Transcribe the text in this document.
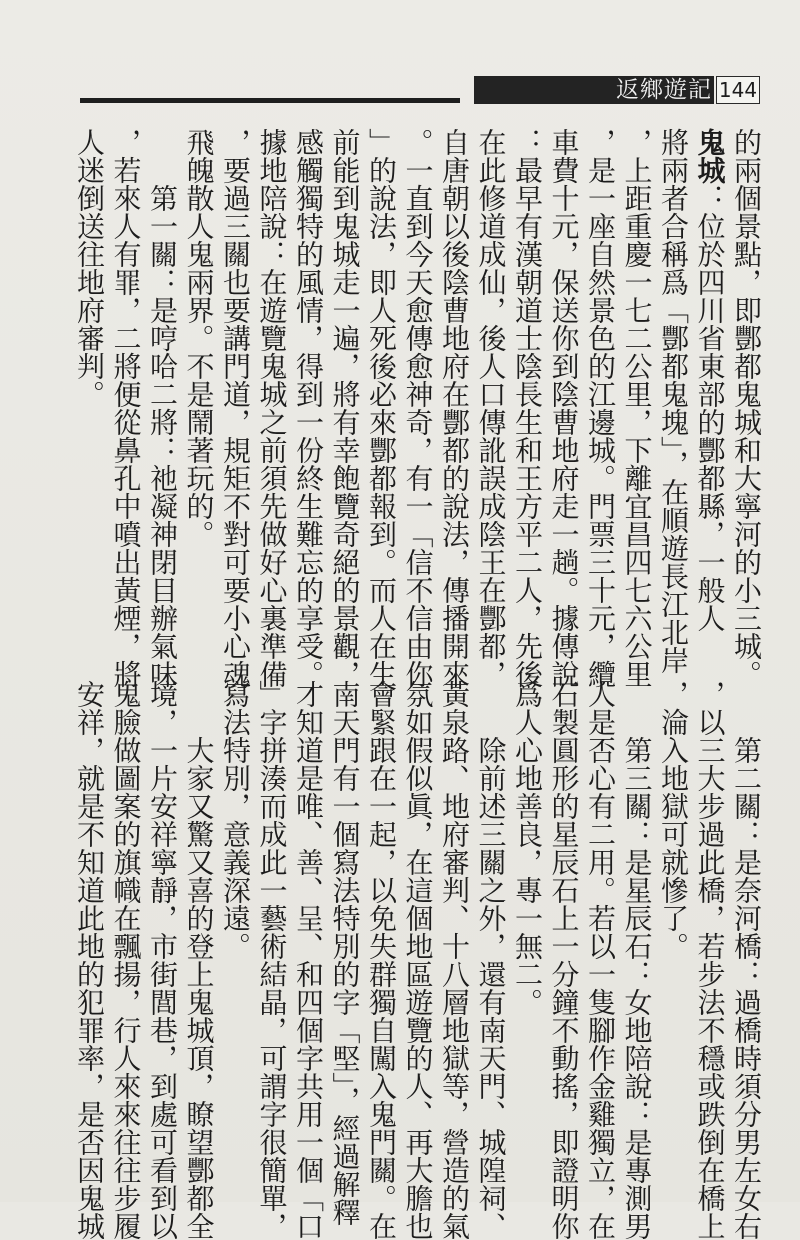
返鄉遊記 144
的兩個景點，即酆都鬼城和大寧河的小三城。
鬼城：位於四川省東部的酆都縣，一般人
將兩者合稱爲「酆都鬼塊」，在順遊長江北岸
，上距重慶一七二公里，下離宜昌四七六公里
，是一座自然景色的江邊城。門票三十元，纜
車費十元，保送你到陰曹地府走一趟。據傳說
：最早有漢朝道士陰長生和王方平二人，先後
在此修道成仙，後人口傳訛誤成陰王在酆都，
自唐朝以後陰曹地府在酆都的說法，傳播開來
。一直到今天愈傳愈神奇，有一「信不信由你
」的說法，即人死後必來酆都報到。而人在生
前能到鬼城走一遍，將有幸飽覽奇絕的景觀，
感觸獨特的風情，得到一份終生難忘的享受。
據地陪說：在遊覽鬼城之前須先做好心裏準備
，要過三關也要講門道，規矩不對可要小心魂
飛魄散人鬼兩界。不是鬧著玩的。
　　第一關：是哼哈二將：祂凝神閉目辦氣味
，若來人有罪，二將便從鼻孔中噴出黃煙，將
人迷倒送往地府審判。
　　第二關：是奈河橋：過橋時須分男左女右
，以三大步過此橋，若步法不穩或跌倒在橋上
，淪入地獄可就慘了。
　　第三關：是星辰石：女地陪說：是專測男
人是否心有二用。若以一隻腳作金雞獨立，在
石製圓形的星辰石上一分鐘不動搖，即證明你
爲人心地善良，專一無二。
　　除前述三關之外，還有南天門、城隍祠、
黃泉路、地府審判、十八層地獄等，營造的氣
氛如假似眞，在這個地區遊覽的人、再大膽也
會緊跟在一起，以免失群獨自闖入鬼門關。在
南天門有一個寫法特別的字「𡌛」，經過解釋
才知道是唯、善、呈、和四個字共用一個「口
」字拼湊而成此一藝術結晶，可謂字很簡單，
寫法特別，意義深遠。
　　大家又驚又喜的登上鬼城頂，瞭望酆都全
境，一片安祥寧靜，市街閭巷，到處可看到以
鬼臉做圖案的旗幟在飄揚，行人來來往往步履
安祥，就是不知道此地的犯罪率，是否因鬼城
